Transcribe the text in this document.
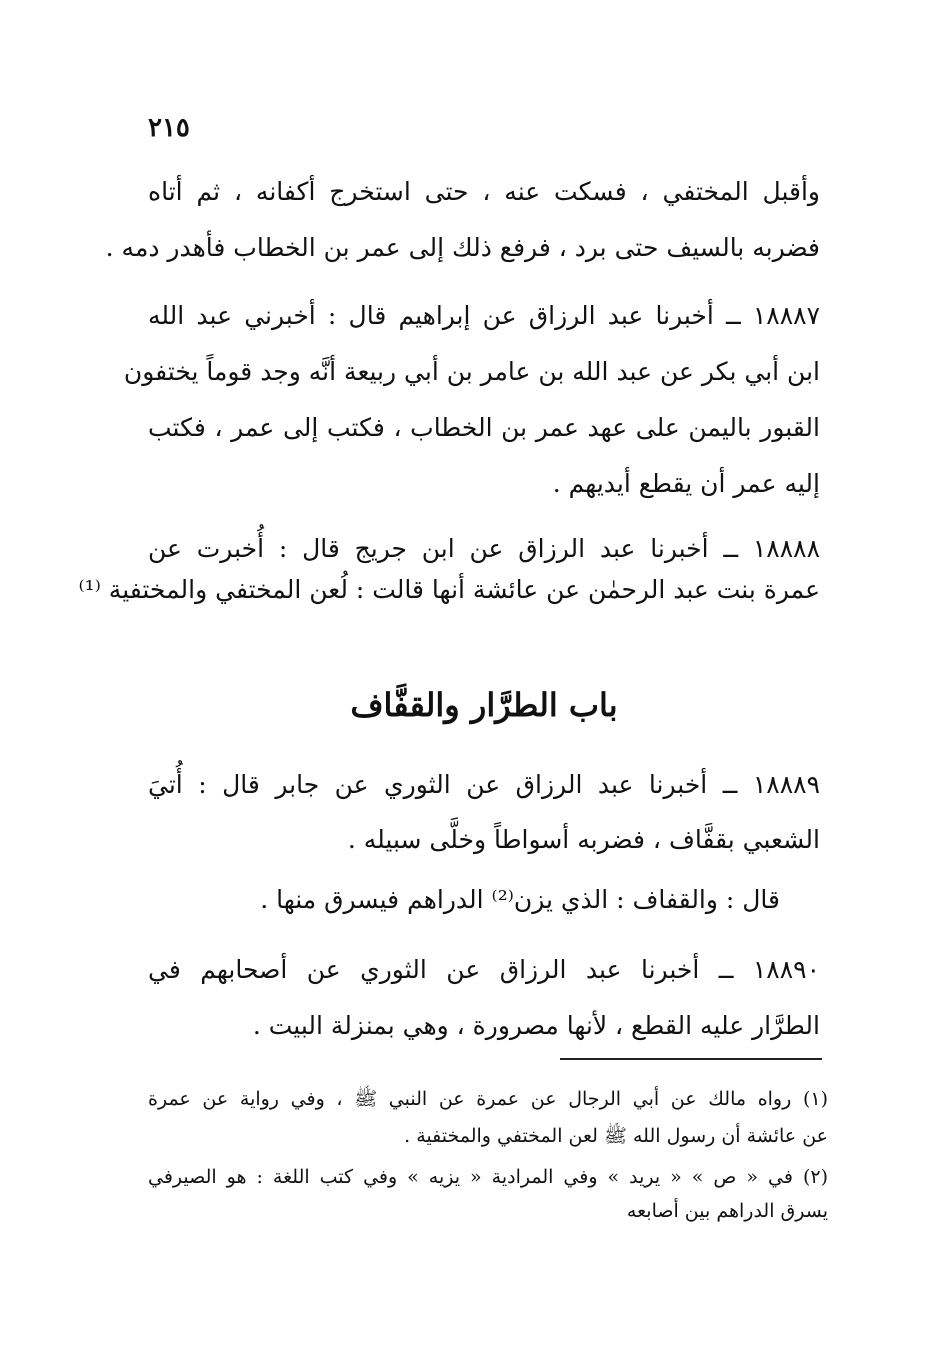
٢١٥
وأقبل المختفي ، فسكت عنه ، حتى استخرج أكفانه ، ثم أتاه
فضربه بالسيف حتى برد ، فرفع ذلك إلى عمر بن الخطاب فأهدر دمه .
١٨٨٨٧ ــ أخبرنا عبد الرزاق عن إبراهيم قال : أخبرني عبد الله
ابن أبي بكر عن عبد الله بن عامر بن أبي ربيعة أنَّه وجد قوماً يختفون
القبور باليمن على عهد عمر بن الخطاب ، فكتب إلى عمر ، فكتب
إليه عمر أن يقطع أيديهم .
١٨٨٨٨ ــ أخبرنا عبد الرزاق عن ابن جريج قال : أُخبرت عن
عمرة بنت عبد الرحمٰن عن عائشة أنها قالت : لُعن المختفي والمختفية ⁽¹⁾
باب الطرَّار والقفَّاف
١٨٨٨٩ ــ أخبرنا عبد الرزاق عن الثوري عن جابر قال : أُتيَ
الشعبي بقفَّاف ، فضربه أسواطاً وخلَّى سبيله .
قال : والقفاف : الذي يزن⁽²⁾ الدراهم فيسرق منها .
١٨٨٩٠ ــ أخبرنا عبد الرزاق عن الثوري عن أصحابهم في
الطرَّار عليه القطع ، لأنها مصرورة ، وهي بمنزلة البيت .
(١) رواه مالك عن أبي الرجال عن عمرة عن النبي ﷺ ، وفي رواية عن عمرة
عن عائشة أن رسول الله ﷺ لعن المختفي والمختفية .
(٢) في « ص » « يريد » وفي المرادية « يزيه » وفي كتب اللغة : هو الصيرفي
يسرق الدراهم بين أصابعه
